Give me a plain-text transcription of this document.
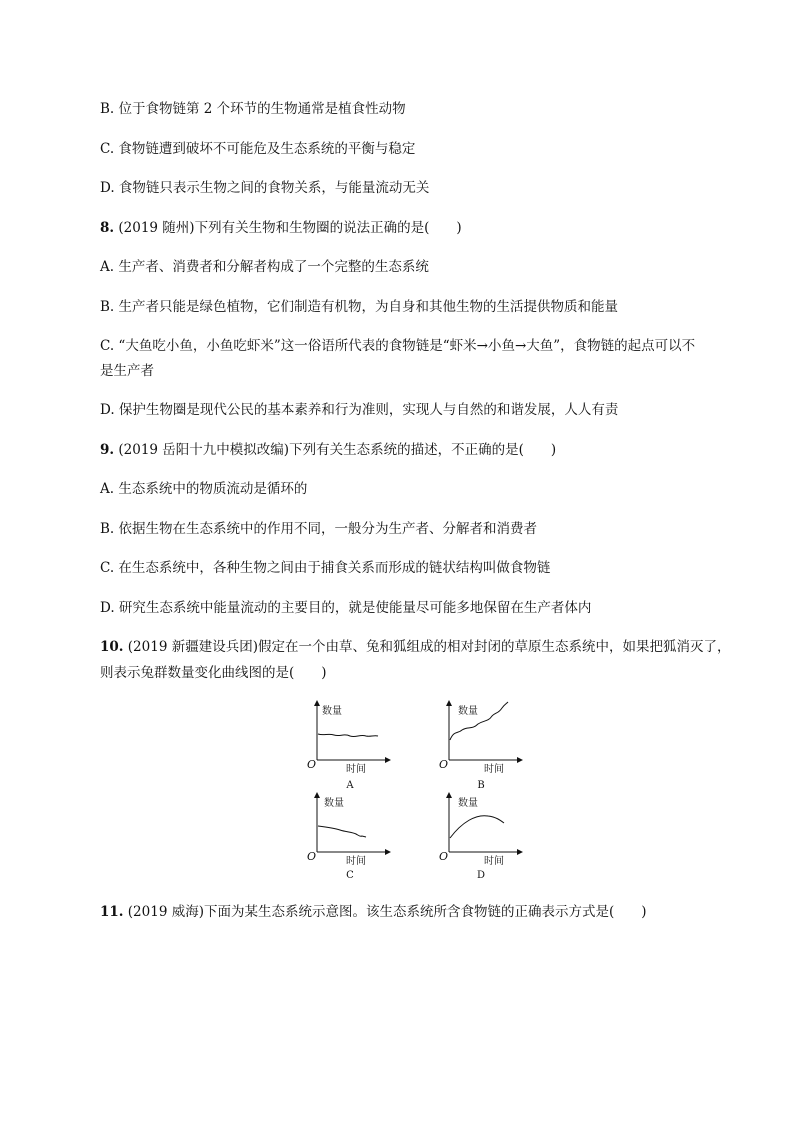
B. 位于食物链第 2 个环节的生物通常是植食性动物
C. 食物链遭到破坏不可能危及生态系统的平衡与稳定
D. 食物链只表示生物之间的食物关系，与能量流动无关
8. (2019 随州)下列有关生物和生物圈的说法正确的是(　　)
A. 生产者、消费者和分解者构成了一个完整的生态系统
B. 生产者只能是绿色植物，它们制造有机物，为自身和其他生物的生活提供物质和能量
C. “大鱼吃小鱼，小鱼吃虾米”这一俗语所代表的食物链是“虾米→小鱼→大鱼”，食物链的起点可以不
是生产者
D. 保护生物圈是现代公民的基本素养和行为准则，实现人与自然的和谐发展，人人有责
9. (2019 岳阳十九中模拟改编)下列有关生态系统的描述，不正确的是(　　)
A. 生态系统中的物质流动是循环的
B. 依据生物在生态系统中的作用不同，一般分为生产者、分解者和消费者
C. 在生态系统中，各种生物之间由于捕食关系而形成的链状结构叫做食物链
D. 研究生态系统中能量流动的主要目的，就是使能量尽可能多地保留在生产者体内
10. (2019 新疆建设兵团)假定在一个由草、兔和狐组成的相对封闭的草原生态系统中，如果把狐消灭了，
则表示兔群数量变化曲线图的是(　　)
数量
时间
O
A
数量
时间
O
B
数量
时间
O
C
数量
时间
O
D
11. (2019 威海)下面为某生态系统示意图。该生态系统所含食物链的正确表示方式是(　　)
